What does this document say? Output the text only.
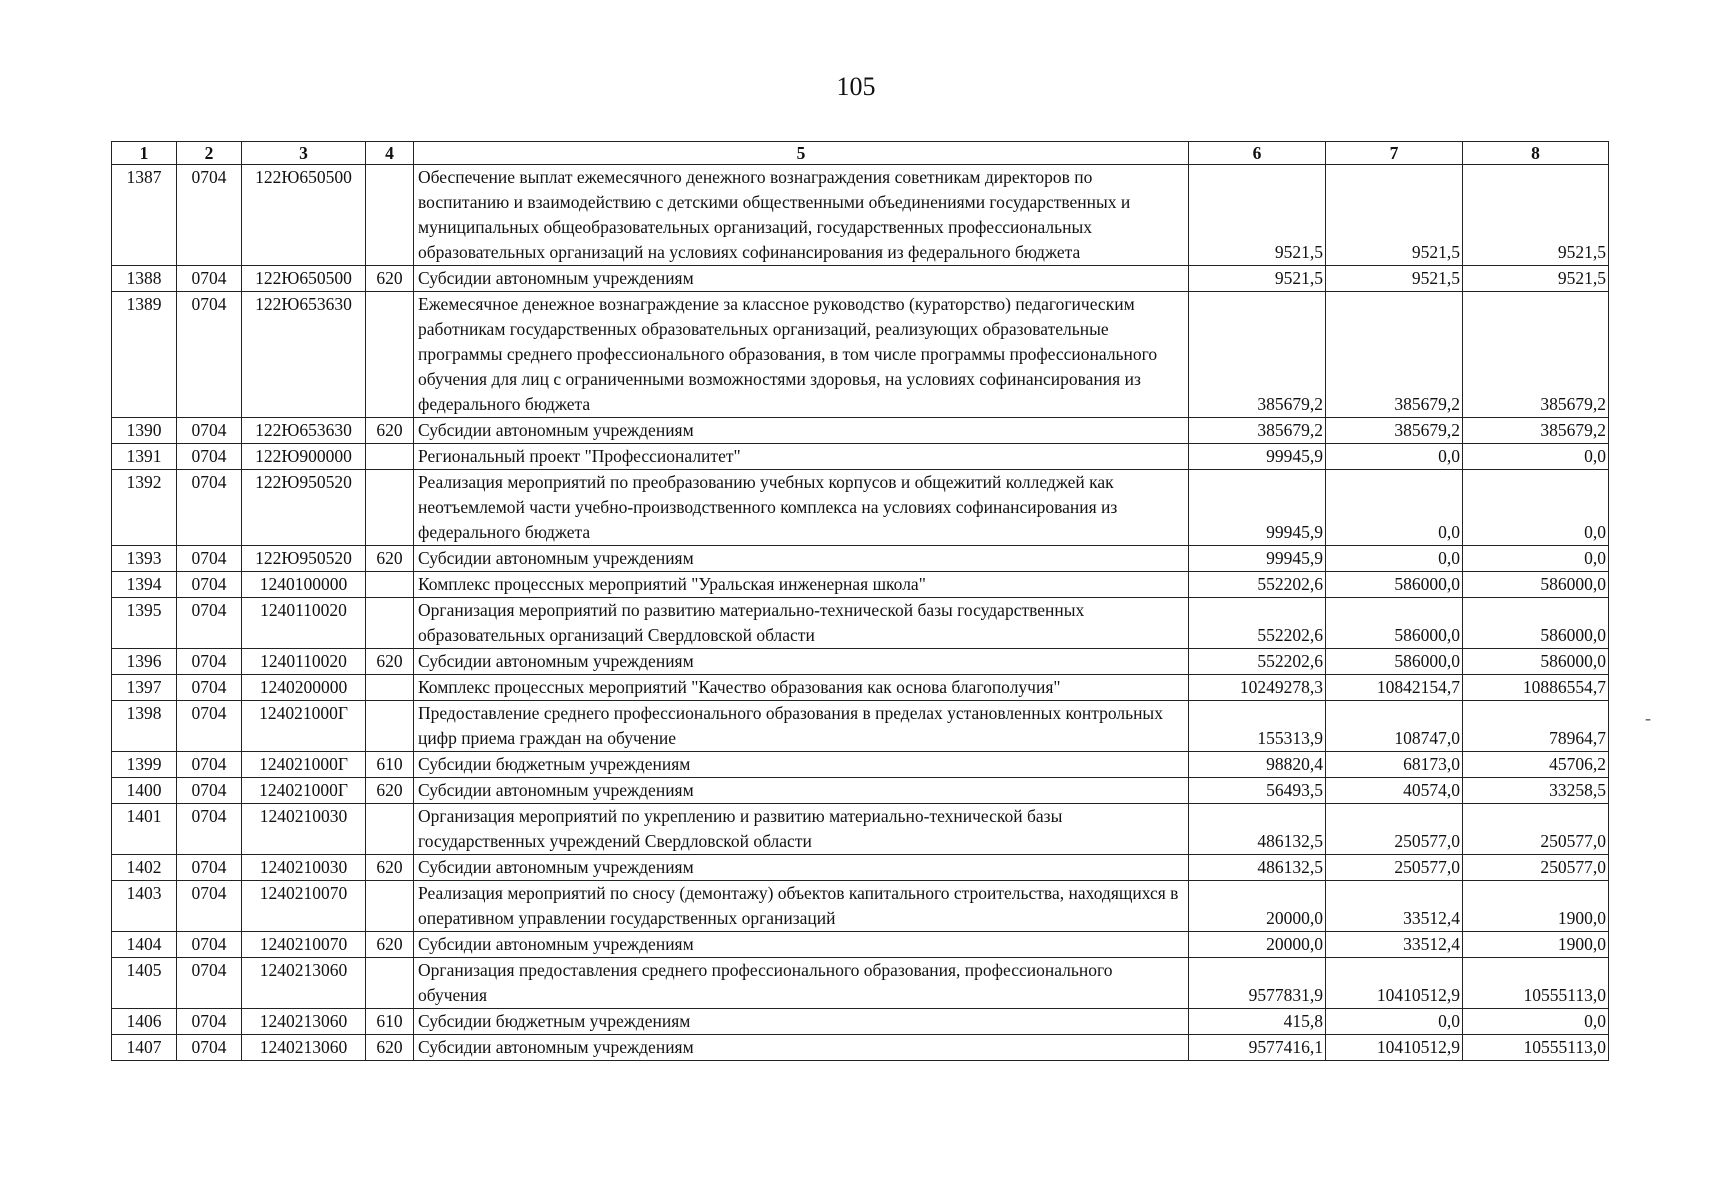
105
1	2	3	4	5	6	7	8
1387	0704	122Ю650500		Обеспечение выплат ежемесячного денежного вознаграждения советникам директоров по воспитанию и взаимодействию с детскими общественными объединениями государственных и муниципальных общеобразовательных организаций, государственных профессиональных образовательных организаций на условиях софинансирования из федерального бюджета	9521,5	9521,5	9521,5
1388	0704	122Ю650500	620	Субсидии автономным учреждениям	9521,5	9521,5	9521,5
1389	0704	122Ю653630		Ежемесячное денежное вознаграждение за классное руководство (кураторство) педагогическим работникам государственных образовательных организаций, реализующих образовательные программы среднего профессионального образования, в том числе программы профессионального обучения для лиц с ограниченными возможностями здоровья, на условиях софинансирования из федерального бюджета	385679,2	385679,2	385679,2
1390	0704	122Ю653630	620	Субсидии автономным учреждениям	385679,2	385679,2	385679,2
1391	0704	122Ю900000		Региональный проект "Профессионалитет"	99945,9	0,0	0,0
1392	0704	122Ю950520		Реализация мероприятий по преобразованию учебных корпусов и общежитий колледжей как неотъемлемой части учебно-производственного комплекса на условиях софинансирования из федерального бюджета	99945,9	0,0	0,0
1393	0704	122Ю950520	620	Субсидии автономным учреждениям	99945,9	0,0	0,0
1394	0704	1240100000		Комплекс процессных мероприятий "Уральская инженерная школа"	552202,6	586000,0	586000,0
1395	0704	1240110020		Организация мероприятий по развитию материально-технической базы государственных образовательных организаций Свердловской области	552202,6	586000,0	586000,0
1396	0704	1240110020	620	Субсидии автономным учреждениям	552202,6	586000,0	586000,0
1397	0704	1240200000		Комплекс процессных мероприятий "Качество образования как основа благополучия"	10249278,3	10842154,7	10886554,7
1398	0704	124021000Г		Предоставление среднего профессионального образования в пределах установленных контрольных цифр приема граждан на обучение	155313,9	108747,0	78964,7
1399	0704	124021000Г	610	Субсидии бюджетным учреждениям	98820,4	68173,0	45706,2
1400	0704	124021000Г	620	Субсидии автономным учреждениям	56493,5	40574,0	33258,5
1401	0704	1240210030		Организация мероприятий по укреплению и развитию материально-технической базы государственных учреждений Свердловской области	486132,5	250577,0	250577,0
1402	0704	1240210030	620	Субсидии автономным учреждениям	486132,5	250577,0	250577,0
1403	0704	1240210070		Реализация мероприятий по сносу (демонтажу) объектов капитального строительства, находящихся в оперативном управлении государственных организаций	20000,0	33512,4	1900,0
1404	0704	1240210070	620	Субсидии автономным учреждениям	20000,0	33512,4	1900,0
1405	0704	1240213060		Организация предоставления среднего профессионального образования, профессионального обучения	9577831,9	10410512,9	10555113,0
1406	0704	1240213060	610	Субсидии бюджетным учреждениям	415,8	0,0	0,0
1407	0704	1240213060	620	Субсидии автономным учреждениям	9577416,1	10410512,9	10555113,0
-
